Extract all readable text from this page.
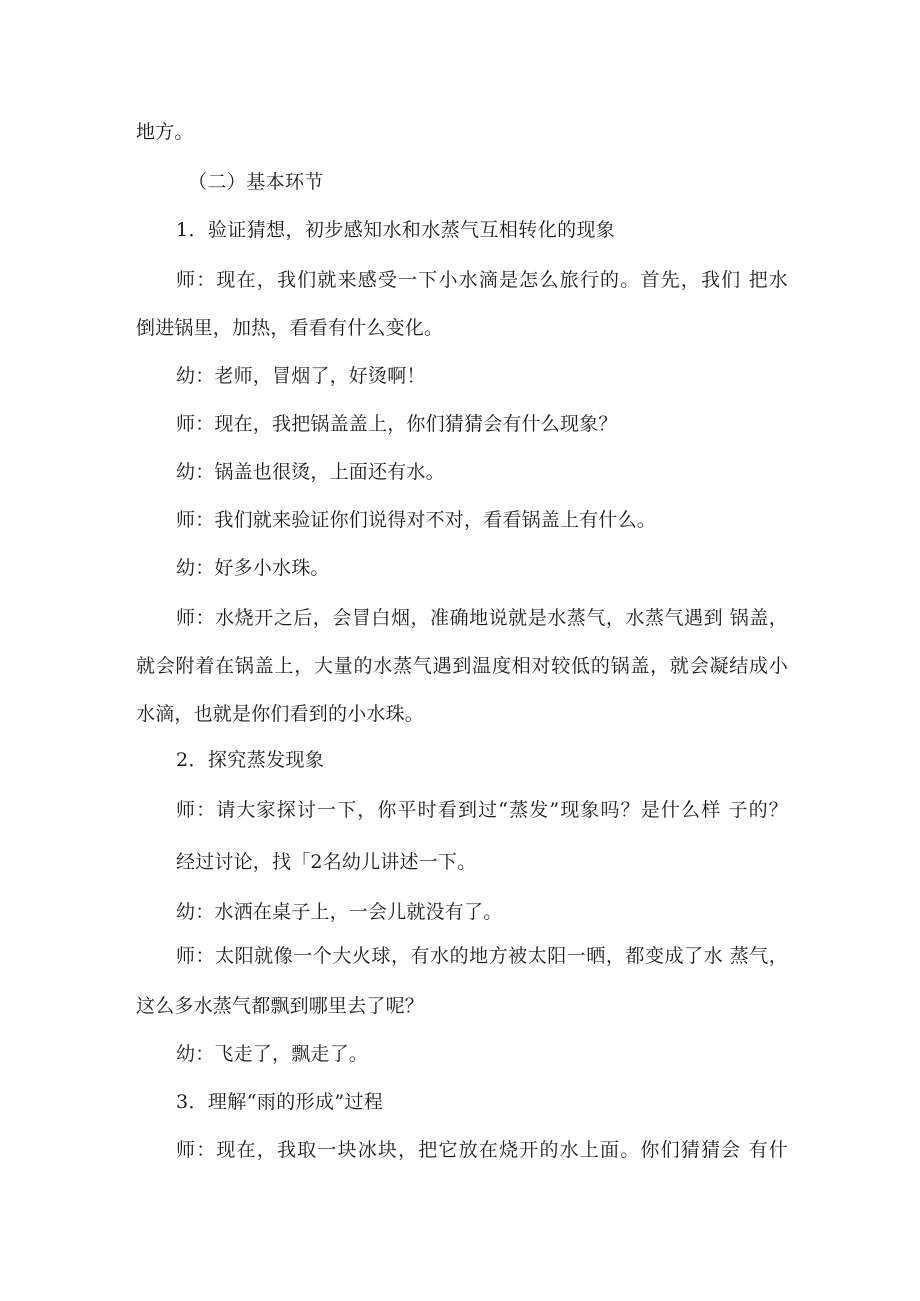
地方。
（二）基本环节
1．验证猜想，初步感知水和水蒸气互相转化的现象
师：现在，我们就来感受一下小水滴是怎么旅行的。首先，我们 把水
倒进锅里，加热，看看有什么变化。
幼：老师，冒烟了，好烫啊！
师：现在，我把锅盖盖上，你们猜猜会有什么现象？
幼：锅盖也很烫，上面还有水。
师：我们就来验证你们说得对不对，看看锅盖上有什么。
幼：好多小水珠。
师：水烧开之后，会冒白烟，准确地说就是水蒸气，水蒸气遇到 锅盖，
就会附着在锅盖上，大量的水蒸气遇到温度相对较低的锅盖，就会凝结成小
水滴，也就是你们看到的小水珠。
2．探究蒸发现象
师：请大家探讨一下，你平时看到过“蒸发”现象吗？是什么样 子的？
经过讨论，找「2名幼儿讲述一下。
幼：水洒在桌子上，一会儿就没有了。
师：太阳就像一个大火球，有水的地方被太阳一晒，都变成了水 蒸气，
这么多水蒸气都飘到哪里去了呢？
幼：飞走了，飘走了。
3．理解“雨的形成”过程
师：现在，我取一块冰块，把它放在烧开的水上面。你们猜猜会 有什
